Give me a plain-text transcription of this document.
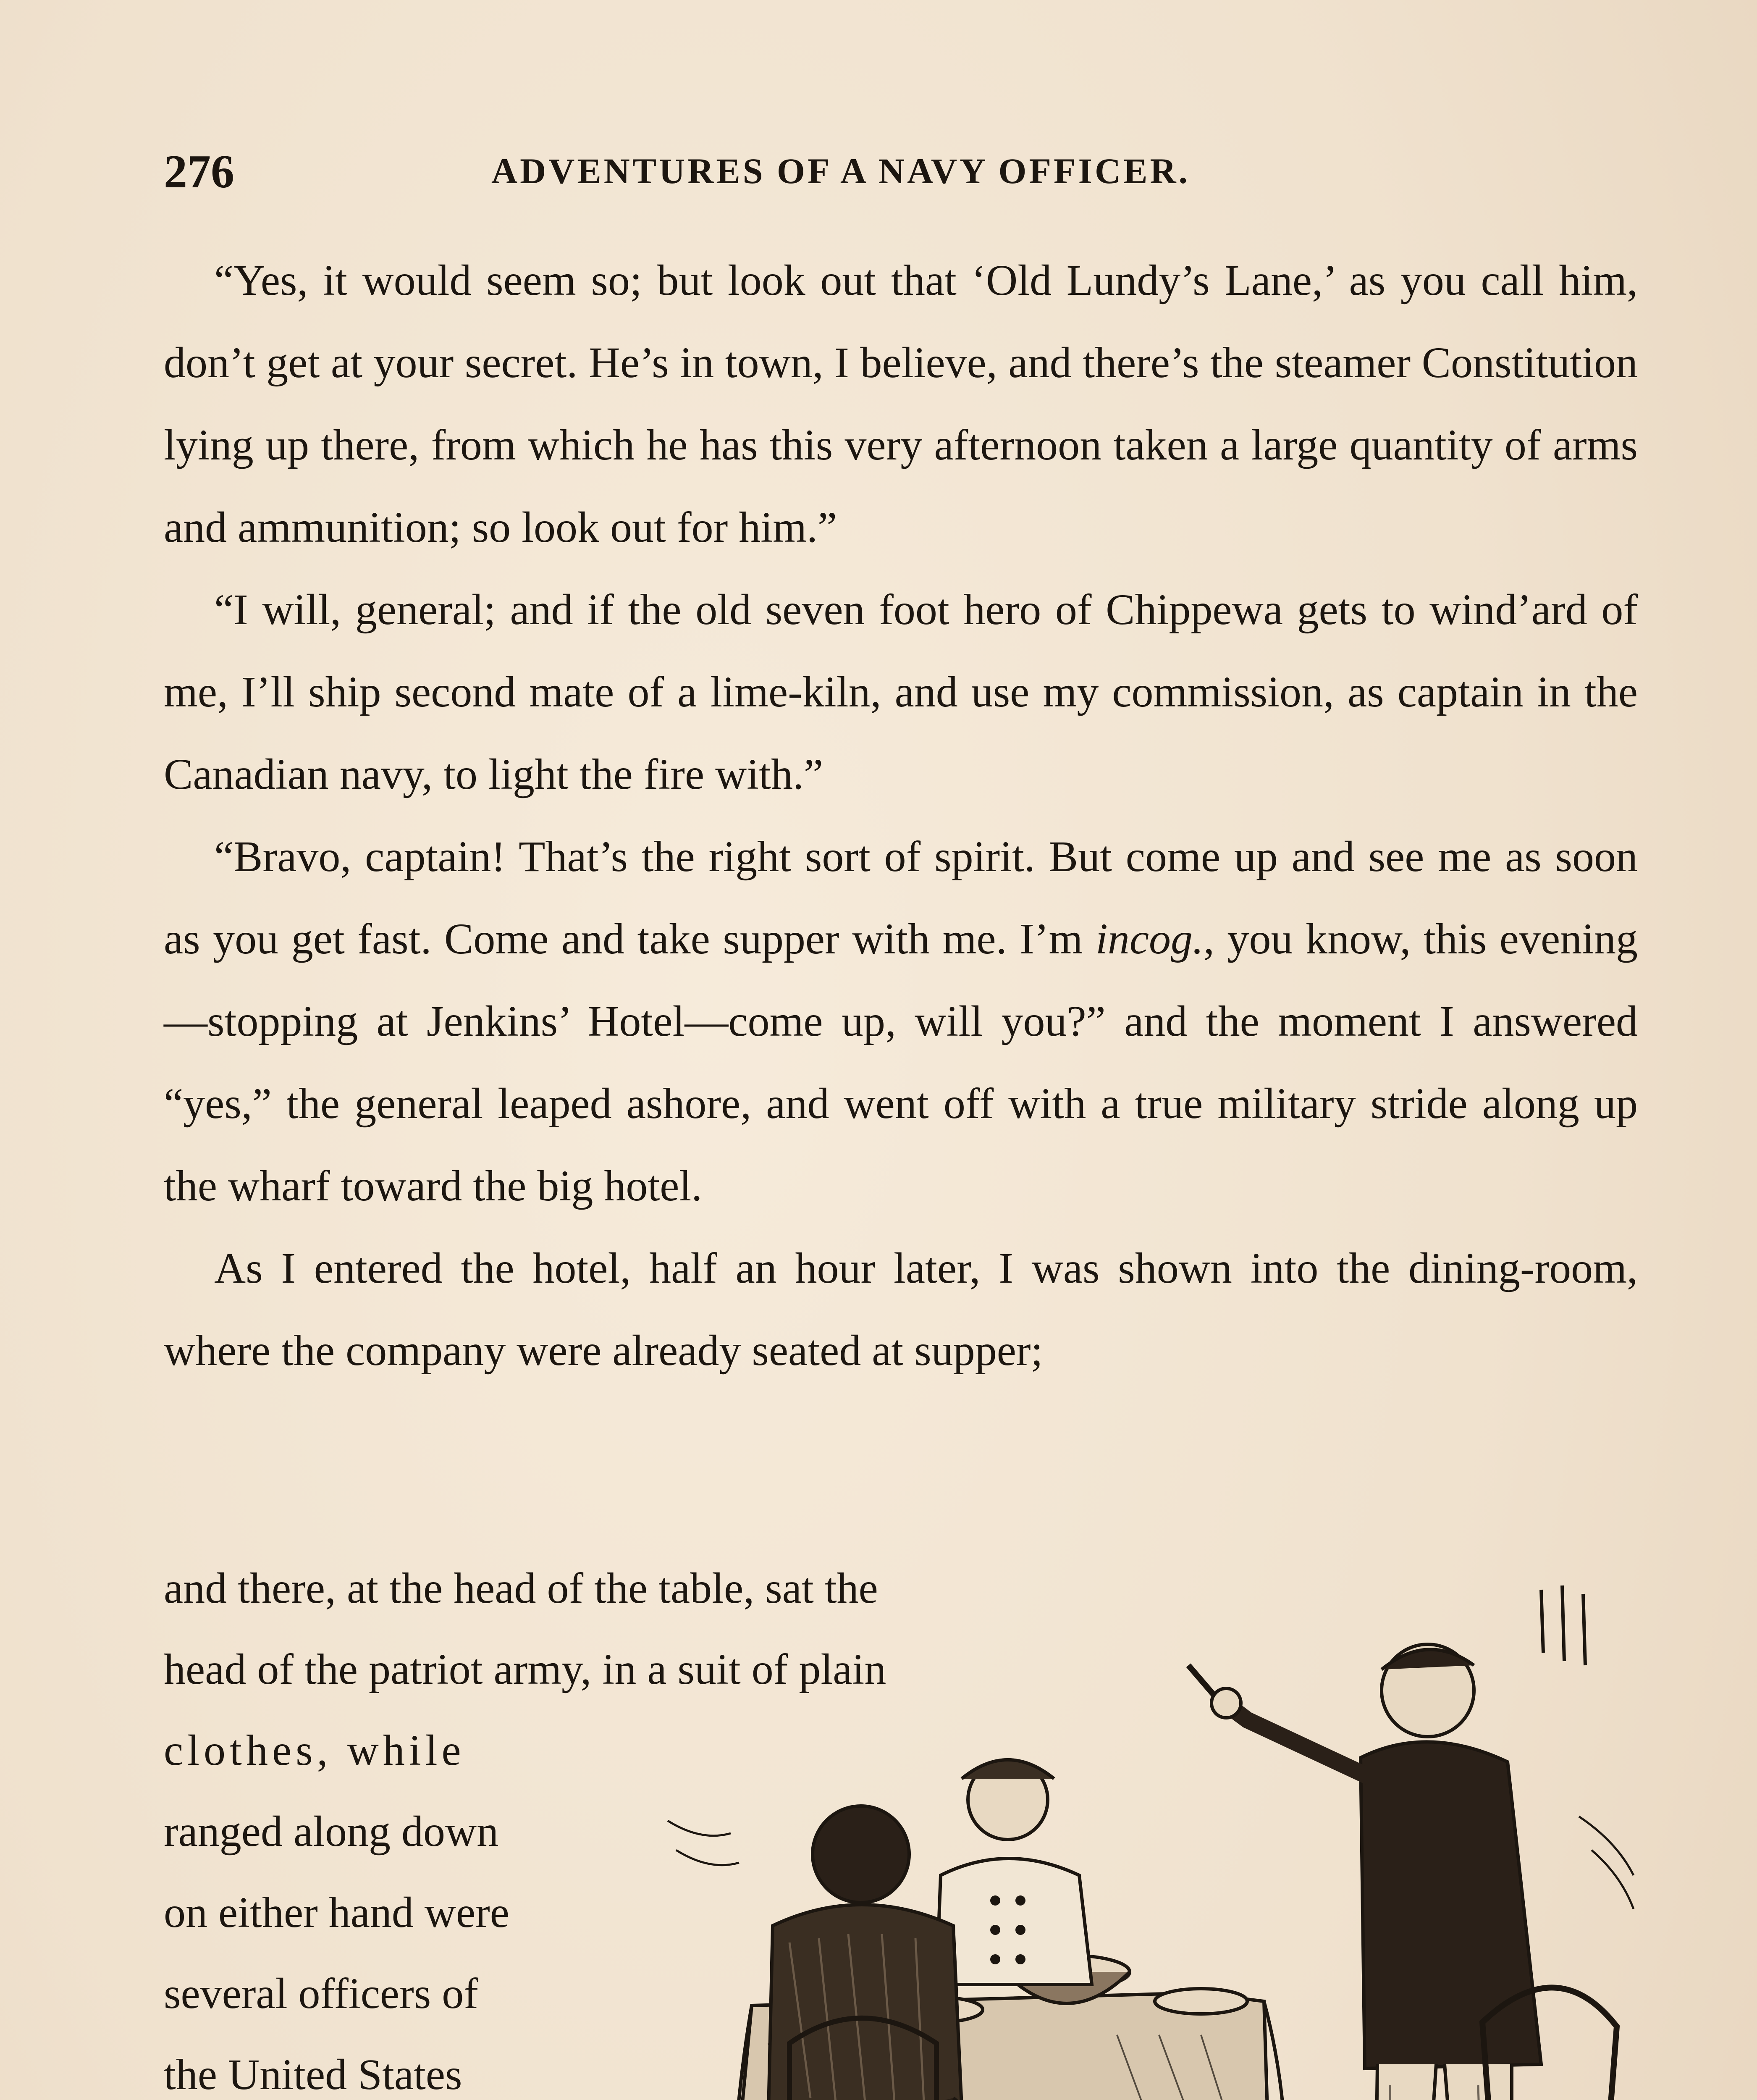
276	ADVENTURES OF A NAVY OFFICER.

“Yes, it would seem so; but look out that ‘Old Lundy’s Lane,’ as you call him, don’t get at your secret. He’s in town, I believe, and there’s the steamer Constitution lying up there, from which he has this very afternoon taken a large quantity of arms and ammunition; so look out for him.”

“I will, general; and if the old seven foot hero of Chippewa gets to wind’ard of me, I’ll ship second mate of a lime-kiln, and use my commission, as captain in the Canadian navy, to light the fire with.”

“Bravo, captain! That’s the right sort of spirit. But come up and see me as soon as you get fast. Come and take supper with me. I’m incog., you know, this evening—stopping at Jenkins’ Hotel—come up, will you?” and the moment I answered “yes,” the general leaped ashore, and went off with a true military stride along up the wharf toward the big hotel.

As I entered the hotel, half an hour later, I was shown into the dining-room, where the company were already seated at supper;

and there, at the head of the table, sat the
head of the patriot army, in a suit of plain
clothes, while
ranged along down
on either hand were
several officers of
the United States
